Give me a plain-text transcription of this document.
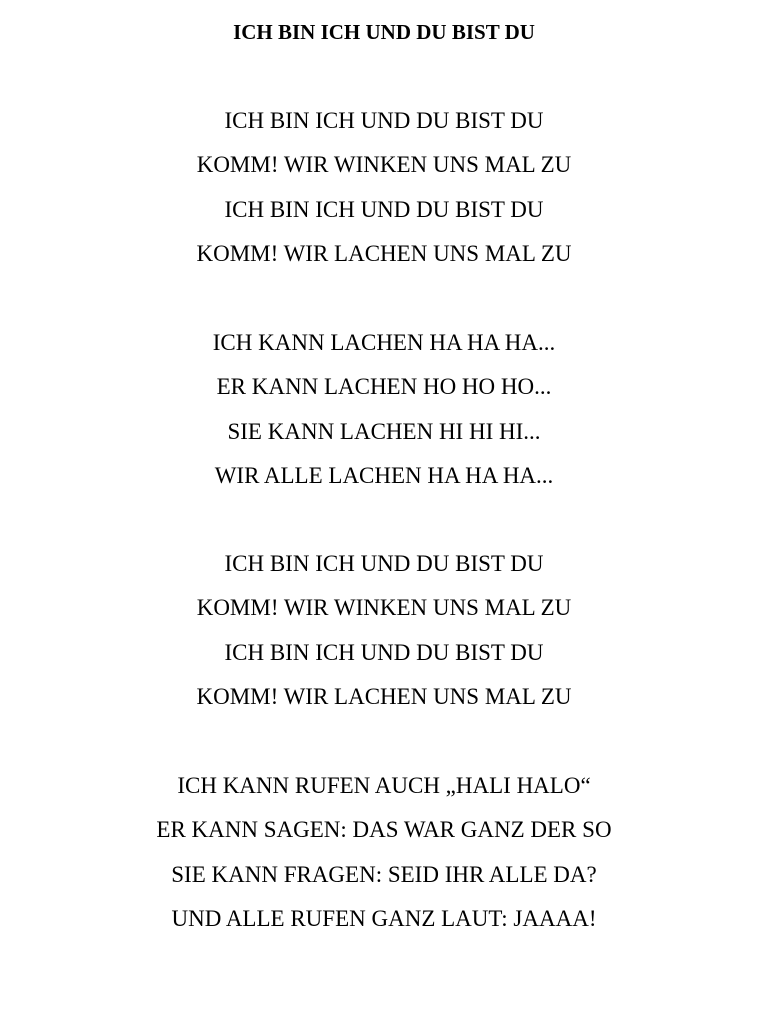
ICH BIN ICH UND DU BIST DU
ICH BIN ICH UND DU BIST DU
KOMM! WIR WINKEN UNS MAL ZU
ICH BIN ICH UND DU BIST DU
KOMM! WIR LACHEN UNS MAL ZU
ICH KANN LACHEN HA HA HA...
ER KANN LACHEN HO HO HO...
SIE KANN LACHEN HI HI HI...
WIR ALLE LACHEN HA HA HA...
ICH BIN ICH UND DU BIST DU
KOMM! WIR WINKEN UNS MAL ZU
ICH BIN ICH UND DU BIST DU
KOMM! WIR LACHEN UNS MAL ZU
ICH KANN RUFEN AUCH „HALI HALO“
ER KANN SAGEN: DAS WAR GANZ DER SO
SIE KANN FRAGEN: SEID IHR ALLE DA?
UND ALLE RUFEN GANZ LAUT: JAAAA!
